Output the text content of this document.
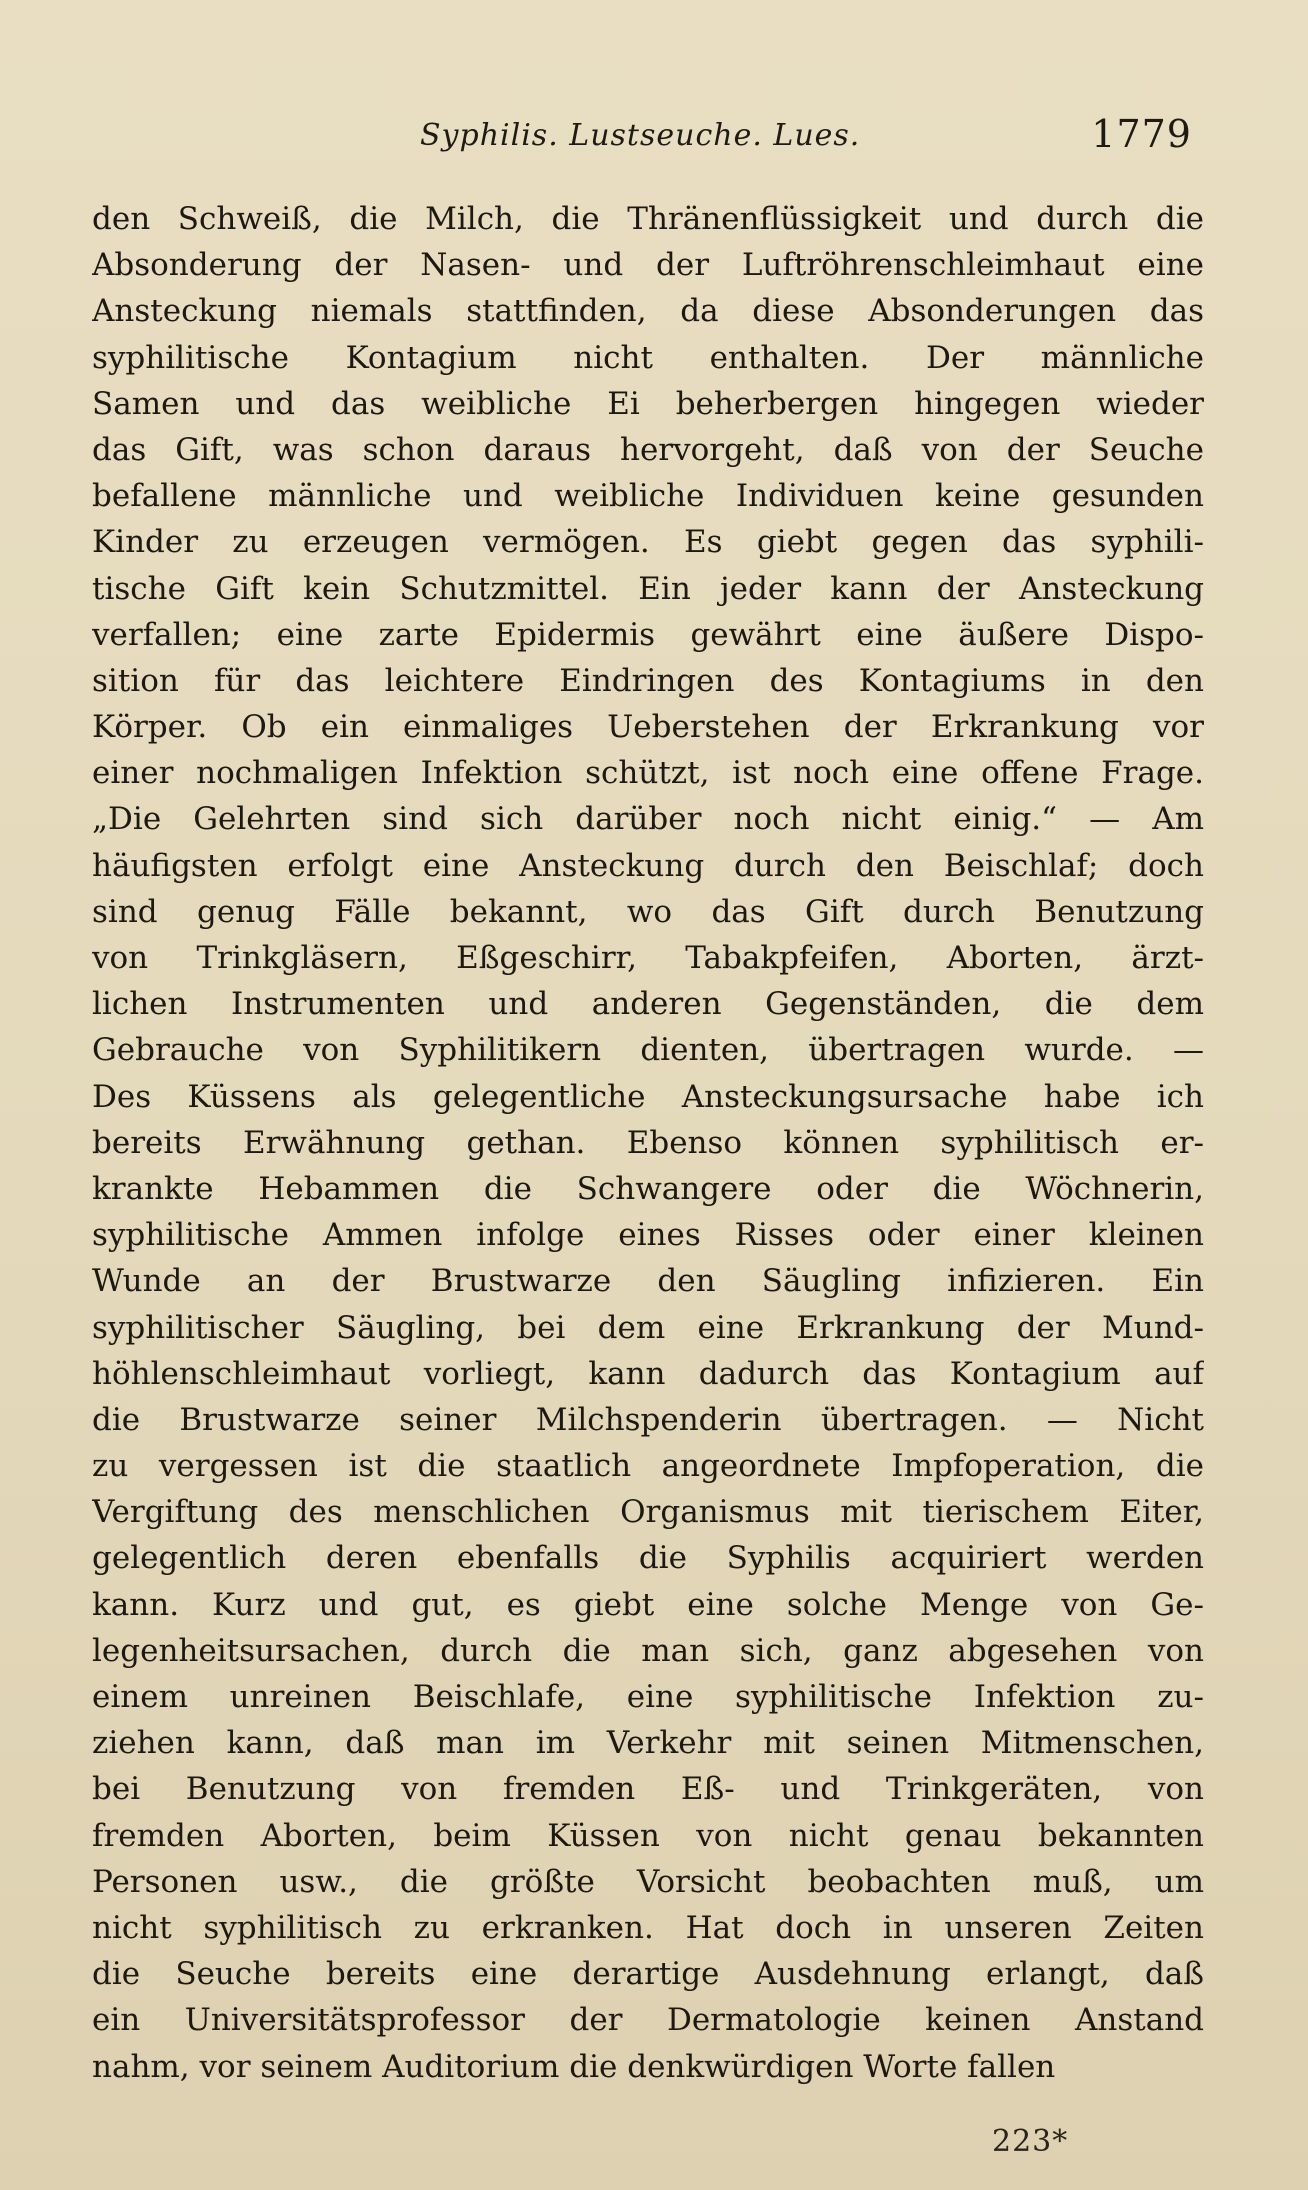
Syphilis. Lustseuche. Lues.	1779
den Schweiß, die Milch, die Thränenflüssigkeit und durch die
Absonderung der Nasen- und der Luftröhrenschleimhaut eine
Ansteckung niemals stattfinden, da diese Absonderungen das
syphilitische Kontagium nicht enthalten. Der männliche
Samen und das weibliche Ei beherbergen hingegen wieder
das Gift, was schon daraus hervorgeht, daß von der Seuche
befallene männliche und weibliche Individuen keine gesunden
Kinder zu erzeugen vermögen. Es giebt gegen das syphili-
tische Gift kein Schutzmittel. Ein jeder kann der Ansteckung
verfallen; eine zarte Epidermis gewährt eine äußere Dispo-
sition für das leichtere Eindringen des Kontagiums in den
Körper. Ob ein einmaliges Ueberstehen der Erkrankung vor
einer nochmaligen Infektion schützt, ist noch eine offene Frage.
„Die Gelehrten sind sich darüber noch nicht einig.“ — Am
häufigsten erfolgt eine Ansteckung durch den Beischlaf; doch
sind genug Fälle bekannt, wo das Gift durch Benutzung
von Trinkgläsern, Eßgeschirr, Tabakpfeifen, Aborten, ärzt-
lichen Instrumenten und anderen Gegenständen, die dem
Gebrauche von Syphilitikern dienten, übertragen wurde. —
Des Küssens als gelegentliche Ansteckungsursache habe ich
bereits Erwähnung gethan. Ebenso können syphilitisch er-
krankte Hebammen die Schwangere oder die Wöchnerin,
syphilitische Ammen infolge eines Risses oder einer kleinen
Wunde an der Brustwarze den Säugling infizieren. Ein
syphilitischer Säugling, bei dem eine Erkrankung der Mund-
höhlenschleimhaut vorliegt, kann dadurch das Kontagium auf
die Brustwarze seiner Milchspenderin übertragen. — Nicht
zu vergessen ist die staatlich angeordnete Impfoperation, die
Vergiftung des menschlichen Organismus mit tierischem Eiter,
gelegentlich deren ebenfalls die Syphilis acquiriert werden
kann. Kurz und gut, es giebt eine solche Menge von Ge-
legenheitsursachen, durch die man sich, ganz abgesehen von
einem unreinen Beischlafe, eine syphilitische Infektion zu-
ziehen kann, daß man im Verkehr mit seinen Mitmenschen,
bei Benutzung von fremden Eß- und Trinkgeräten, von
fremden Aborten, beim Küssen von nicht genau bekannten
Personen usw., die größte Vorsicht beobachten muß, um
nicht syphilitisch zu erkranken. Hat doch in unseren Zeiten
die Seuche bereits eine derartige Ausdehnung erlangt, daß
ein Universitätsprofessor der Dermatologie keinen Anstand
nahm, vor seinem Auditorium die denkwürdigen Worte fallen
223*
